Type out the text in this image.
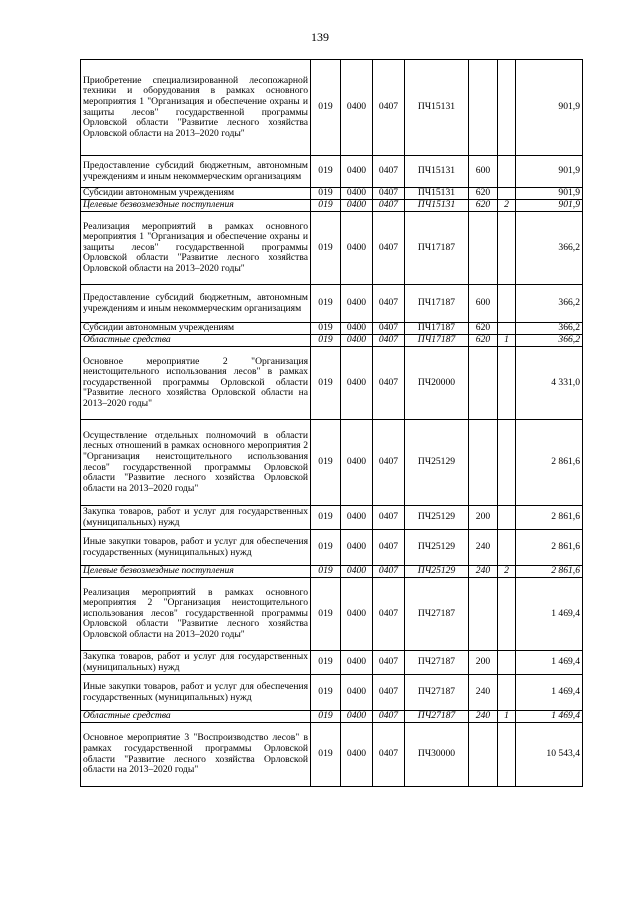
139
Приобретение специализированной лесопожарной техники и оборудования в рамках основного мероприятия 1 "Организация и обеспечение охраны и защиты лесов" государственной программы Орловской области "Развитие лесного хозяйства Орловской области на 2013–2020 годы"	019	0400	0407	ПЧ15131			901,9
Предоставление субсидий бюджетным, автономным учреждениям и иным некоммерческим организациям	019	0400	0407	ПЧ15131	600		901,9
Субсидии автономным учреждениям	019	0400	0407	ПЧ15131	620		901,9
Целевые безвозмездные поступления	019	0400	0407	ПЧ15131	620	2	901,9
Реализация мероприятий в рамках основного мероприятия 1 "Организация и обеспечение охраны и защиты лесов" государственной программы Орловской области "Развитие лесного хозяйства Орловской области на 2013–2020 годы"	019	0400	0407	ПЧ17187			366,2
Предоставление субсидий бюджетным, автономным учреждениям и иным некоммерческим организациям	019	0400	0407	ПЧ17187	600		366,2
Субсидии автономным учреждениям	019	0400	0407	ПЧ17187	620		366,2
Областные средства	019	0400	0407	ПЧ17187	620	1	366,2
Основное мероприятие 2 "Организация неистощительного использования лесов" в рамках государственной программы Орловской области "Развитие лесного хозяйства Орловской области на 2013–2020 годы"	019	0400	0407	ПЧ20000			4 331,0
Осуществление отдельных полномочий в области лесных отношений в рамках основного мероприятия 2 "Организация неистощительного использования лесов" государственной программы Орловской области "Развитие лесного хозяйства Орловской области на 2013–2020 годы"	019	0400	0407	ПЧ25129			2 861,6
Закупка товаров, работ и услуг для государственных (муниципальных) нужд	019	0400	0407	ПЧ25129	200		2 861,6
Иные закупки товаров, работ и услуг для обеспечения государственных (муниципальных) нужд	019	0400	0407	ПЧ25129	240		2 861,6
Целевые безвозмездные поступления	019	0400	0407	ПЧ25129	240	2	2 861,6
Реализация мероприятий в рамках основного мероприятия 2 "Организация неистощительного использования лесов" государственной программы Орловской области "Развитие лесного хозяйства Орловской области на 2013–2020 годы"	019	0400	0407	ПЧ27187			1 469,4
Закупка товаров, работ и услуг для государственных (муниципальных) нужд	019	0400	0407	ПЧ27187	200		1 469,4
Иные закупки товаров, работ и услуг для обеспечения государственных (муниципальных) нужд	019	0400	0407	ПЧ27187	240		1 469,4
Областные средства	019	0400	0407	ПЧ27187	240	1	1 469,4
Основное мероприятие 3 "Воспроизводство лесов" в рамках государственной программы Орловской области "Развитие лесного хозяйства Орловской области на 2013–2020 годы"	019	0400	0407	ПЧ30000			10 543,4
